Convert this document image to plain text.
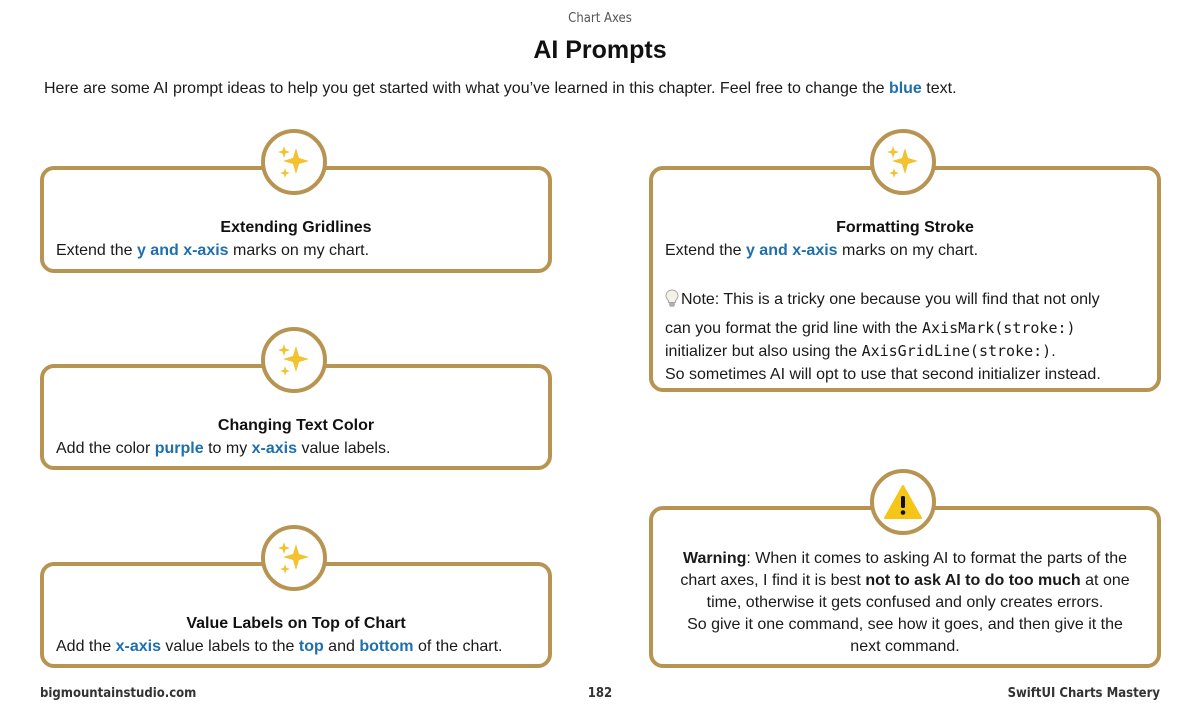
Chart Axes
AI Prompts
Here are some AI prompt ideas to help you get started with what you’ve learned in this chapter. Feel free to change the blue text.
Extending Gridlines
Extend the y and x-axis marks on my chart.
Changing Text Color
Add the color purple to my x-axis value labels.
Value Labels on Top of Chart
Add the x-axis value labels to the top and bottom of the chart.
Formatting Stroke
Extend the y and x-axis marks on my chart.
Note: This is a tricky one because you will find that not only
can you format the grid line with the AxisMark(stroke:)
initializer but also using the AxisGridLine(stroke:).
So sometimes AI will opt to use that second initializer instead.
Warning: When it comes to asking AI to format the parts of the
chart axes, I find it is best not to ask AI to do too much at one
time, otherwise it gets confused and only creates errors.
So give it one command, see how it goes, and then give it the
next command.
bigmountainstudio.com	182	SwiftUI Charts Mastery
